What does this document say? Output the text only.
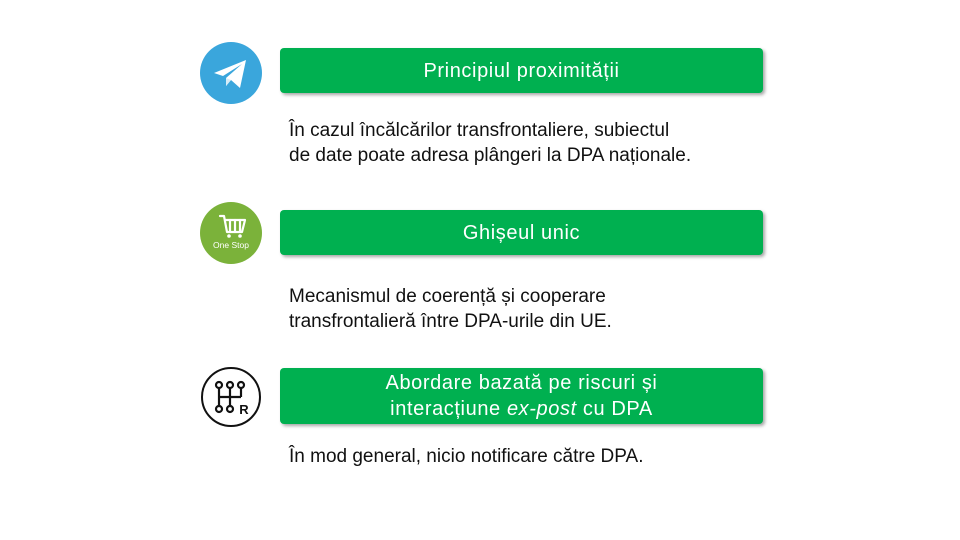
Principiul proximității
În cazul încălcărilor transfrontaliere, subiectul
de date poate adresa plângeri la DPA naționale.
One Stop
Ghișeul unic
Mecanismul de coerență și cooperare
transfrontalieră între DPA-urile din UE.
R
Abordare bazată pe riscuri și
interacțiune ex-post cu DPA
În mod general, nicio notificare către DPA.
